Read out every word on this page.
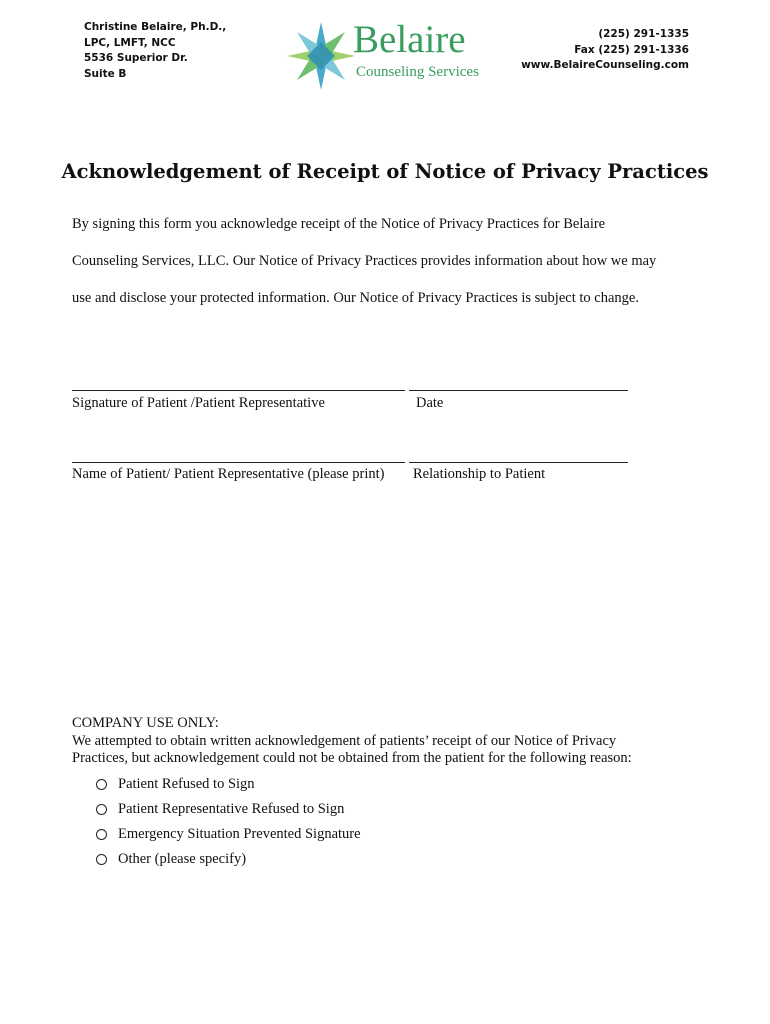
Christine Belaire, Ph.D.,
LPC, LMFT, NCC
5536 Superior Dr.
Suite B
Belaire
Counseling Services
(225) 291-1335
Fax (225) 291-1336
www.BelaireCounseling.com
Acknowledgement of Receipt of Notice of Privacy Practices
By signing this form you acknowledge receipt of the Notice of Privacy Practices for Belaire
Counseling Services, LLC. Our Notice of Privacy Practices provides information about how we may
use and disclose your protected information. Our Notice of Privacy Practices is subject to change.
Signature of Patient /Patient Representative	Date
Name of Patient/ Patient Representative (please print) Relationship to Patient
COMPANY USE ONLY:
We attempted to obtain written acknowledgement of patients’ receipt of our Notice of Privacy
Practices, but acknowledgement could not be obtained from the patient for the following reason:
Patient Refused to Sign
Patient Representative Refused to Sign
Emergency Situation Prevented Signature
Other (please specify)
